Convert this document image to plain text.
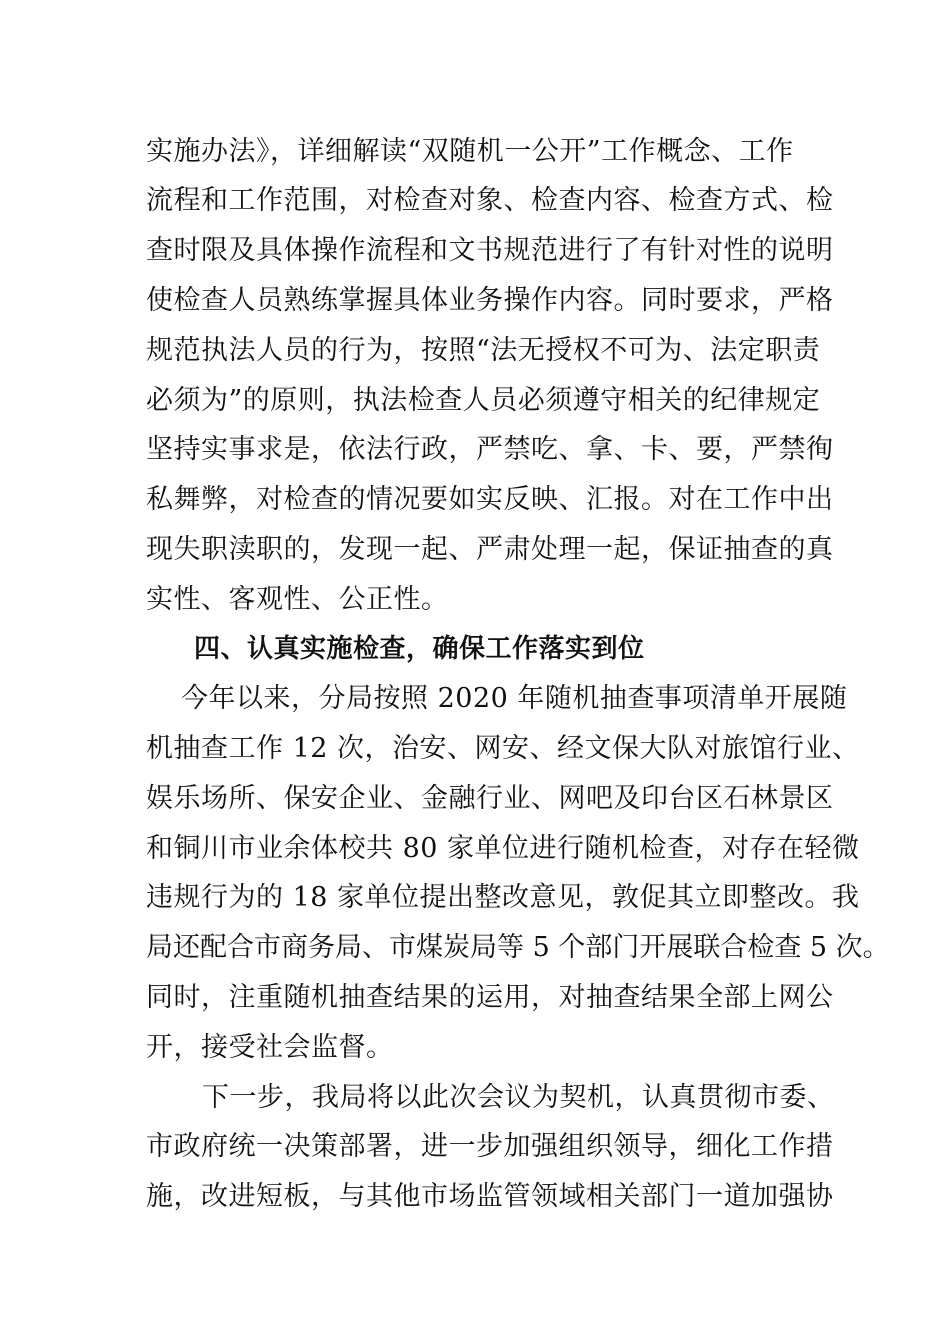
实施办法》，详细解读“双随机一公开”工作概念、工作
流程和工作范围，对检查对象、检查内容、检查方式、检
查时限及具体操作流程和文书规范进行了有针对性的说明
使检查人员熟练掌握具体业务操作内容。同时要求，严格
规范执法人员的行为，按照“法无授权不可为、法定职责
必须为”的原则，执法检查人员必须遵守相关的纪律规定
坚持实事求是，依法行政，严禁吃、拿、卡、要，严禁徇
私舞弊，对检查的情况要如实反映、汇报。对在工作中出
现失职渎职的，发现一起、严肃处理一起，保证抽查的真
实性、客观性、公正性。
四、认真实施检查，确保工作落实到位
今年以来，分局按照 2020 年随机抽查事项清单开展随
机抽查工作 12 次，治安、网安、经文保大队对旅馆行业、
娱乐场所、保安企业、金融行业、网吧及印台区石林景区
和铜川市业余体校共 80 家单位进行随机检查，对存在轻微
违规行为的 18 家单位提出整改意见，敦促其立即整改。我
局还配合市商务局、市煤炭局等 5 个部门开展联合检查 5 次。
同时，注重随机抽查结果的运用，对抽查结果全部上网公
开，接受社会监督。
下一步，我局将以此次会议为契机，认真贯彻市委、
市政府统一决策部署，进一步加强组织领导，细化工作措
施，改进短板，与其他市场监管领域相关部门一道加强协
